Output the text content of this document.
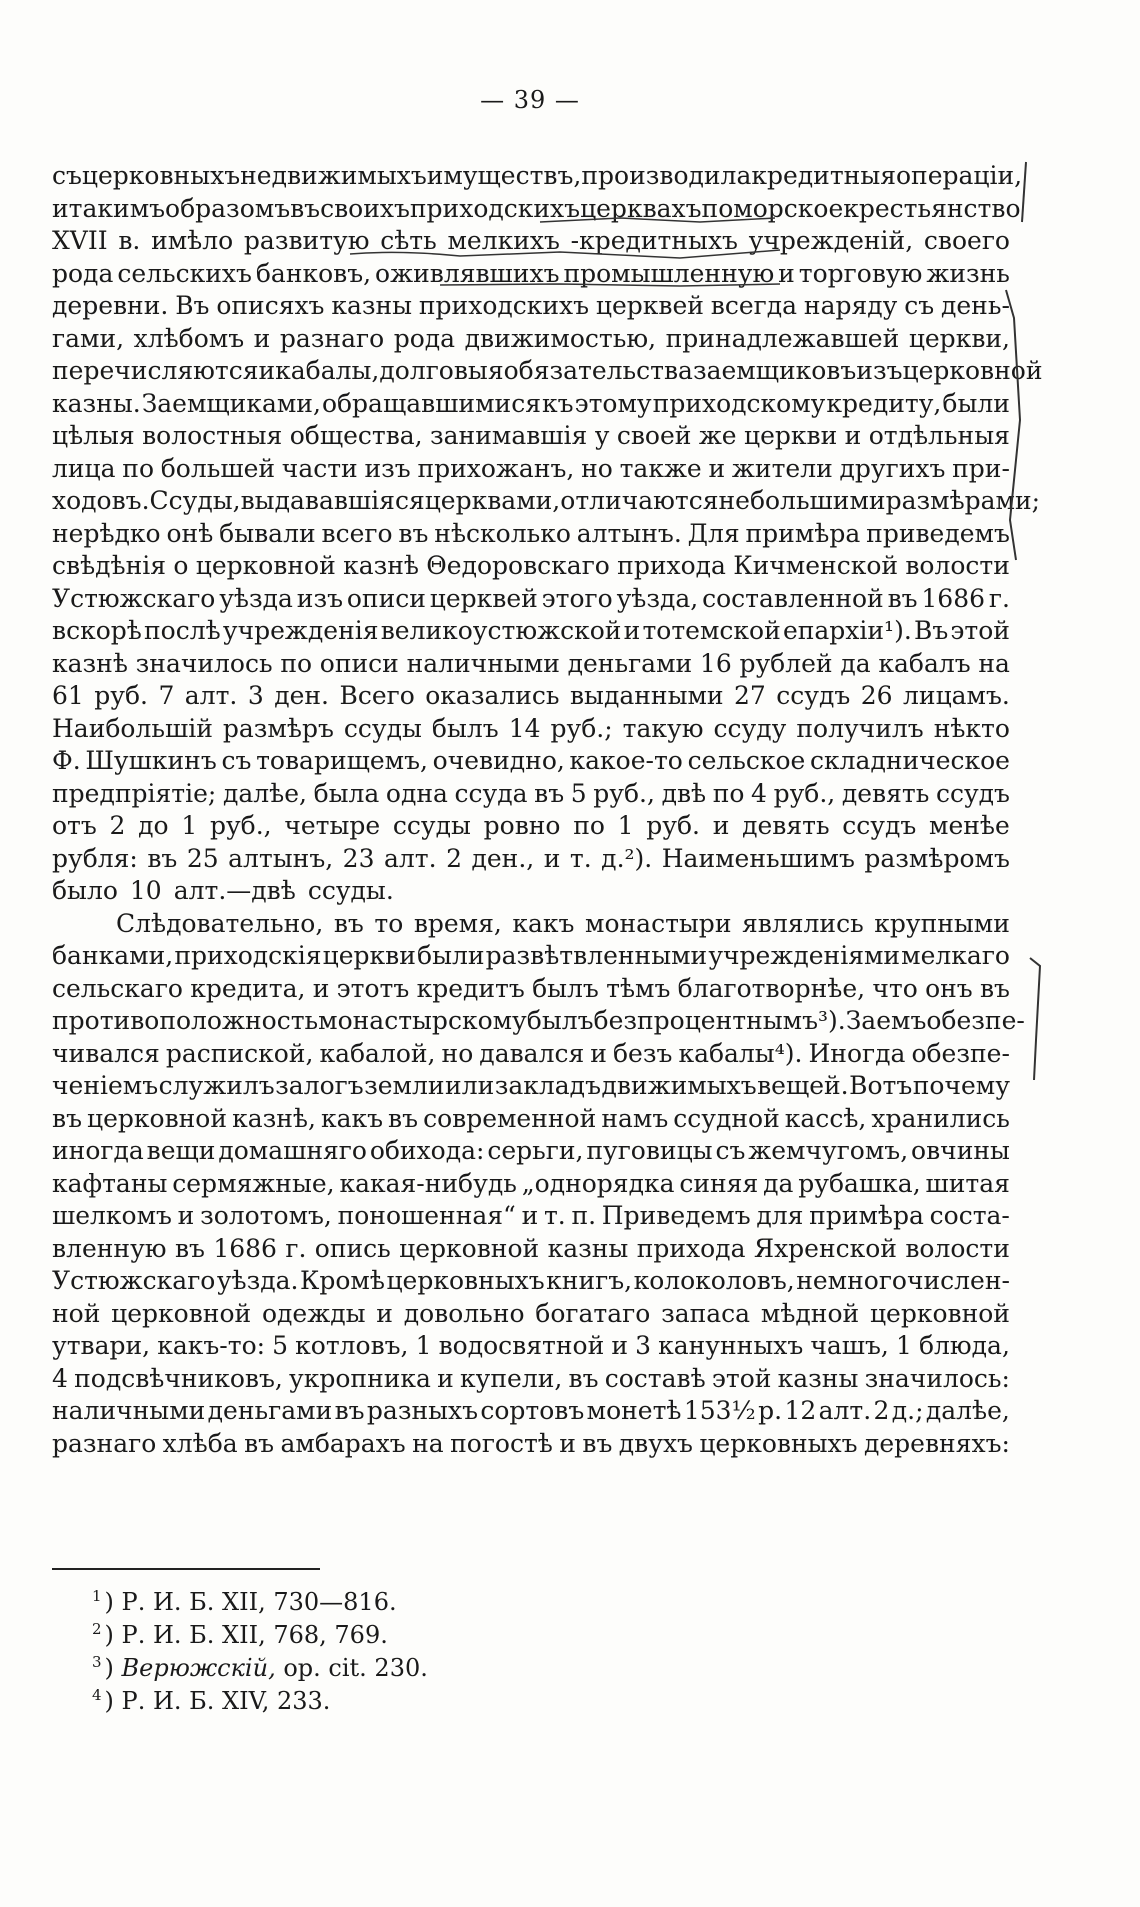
— 39 —
съ церковныхъ недвижимыхъ имуществъ, производила кредитныя операціи,
и такимъ образомъ въ своихъ приходскихъ церквахъ поморское крестьянство
XVII в. имѣло развитую сѣть мелкихъ -кредитныхъ учрежденій, своего
рода сельскихъ банковъ, оживлявшихъ промышленную и торговую жизнь
деревни. Въ описяхъ казны приходскихъ церквей всегда наряду съ день-
гами, хлѣбомъ и разнаго рода движимостью, принадлежавшей церкви,
перечисляются и кабалы, долговыя обязательства заемщиковъ изъ церковной
казны. Заемщиками, обращавшимися къ этому приходскому кредиту, были
цѣлыя волостныя общества, занимавшія у своей же церкви и отдѣльныя
лица по большей части изъ прихожанъ, но также и жители другихъ при-
ходовъ. Ссуды, выдававшіяся церквами, отличаются небольшими размѣрами;
нерѣдко онѣ бывали всего въ нѣсколько алтынъ. Для примѣра приведемъ
свѣдѣнія о церковной казнѣ Θедоровскаго прихода Кичменской волости
Устюжскаго уѣзда изъ описи церквей этого уѣзда, составленной въ 1686 г.
вскорѣ послѣ учрежденія великоустюжской и тотемской епархіи¹). Въ этой
казнѣ значилось по описи наличными деньгами 16 рублей да кабалъ на
61 руб. 7 алт. 3 ден. Всего оказались выданными 27 ссудъ 26 лицамъ.
Наибольшій размѣръ ссуды былъ 14 руб.; такую ссуду получилъ нѣкто
Ф. Шушкинъ съ товарищемъ, очевидно, какое-то сельское складническое
предпріятіе; далѣе, была одна ссуда въ 5 руб., двѣ по 4 руб., девять ссудъ
отъ 2 до 1 руб., четыре ссуды ровно по 1 руб. и девять ссудъ менѣе
рубля: въ 25 алтынъ, 23 алт. 2 ден., и т. д.²). Наименьшимъ размѣромъ
было 10 алт.—двѣ ссуды.
Слѣдовательно, въ то время, какъ монастыри являлись крупными
банками, приходскія церкви были развѣтвленными учрежденіями мелкаго
сельскаго кредита, и этотъ кредитъ былъ тѣмъ благотворнѣе, что онъ въ
противоположность монастырскому былъ безпроцентнымъ³). Заемъ обезпе-
чивался распиской, кабалой, но давался и безъ кабалы⁴). Иногда обезпе-
ченіемъ служилъ залогъ земли или закладъ движимыхъ вещей. Вотъ почему
въ церковной казнѣ, какъ въ современной намъ ссудной кассѣ, хранились
иногда вещи домашняго обихода: серьги, пуговицы съ жемчугомъ, овчины
кафтаны сермяжные, какая-нибудь „однорядка синяя да рубашка, шитая
шелкомъ и золотомъ, поношенная“ и т. п. Приведемъ для примѣра соста-
вленную въ 1686 г. опись церковной казны прихода Яхренской волости
Устюжскаго уѣзда. Кромѣ церковныхъ книгъ, колоколовъ, немногочислен-
ной церковной одежды и довольно богатаго запаса мѣдной церковной
утвари, какъ-то: 5 котловъ, 1 водосвятной и 3 канунныхъ чашъ, 1 блюда,
4 подсвѣчниковъ, укропника и купели, въ составѣ этой казны значилось:
наличными деньгами въ разныхъ сортовъ монетѣ 153½ р. 12 алт. 2 д.; далѣе,
разнаго хлѣба въ амбарахъ на погостѣ и въ двухъ церковныхъ деревняхъ:
$^1$ ) Р. И. Б. XII, 730—816.
$^2$ ) Р. И. Б. XII, 768, 769.
$^3$ ) Верюжскій, op. cit. 230.
$^4$ ) Р. И. Б. XIV, 233.
